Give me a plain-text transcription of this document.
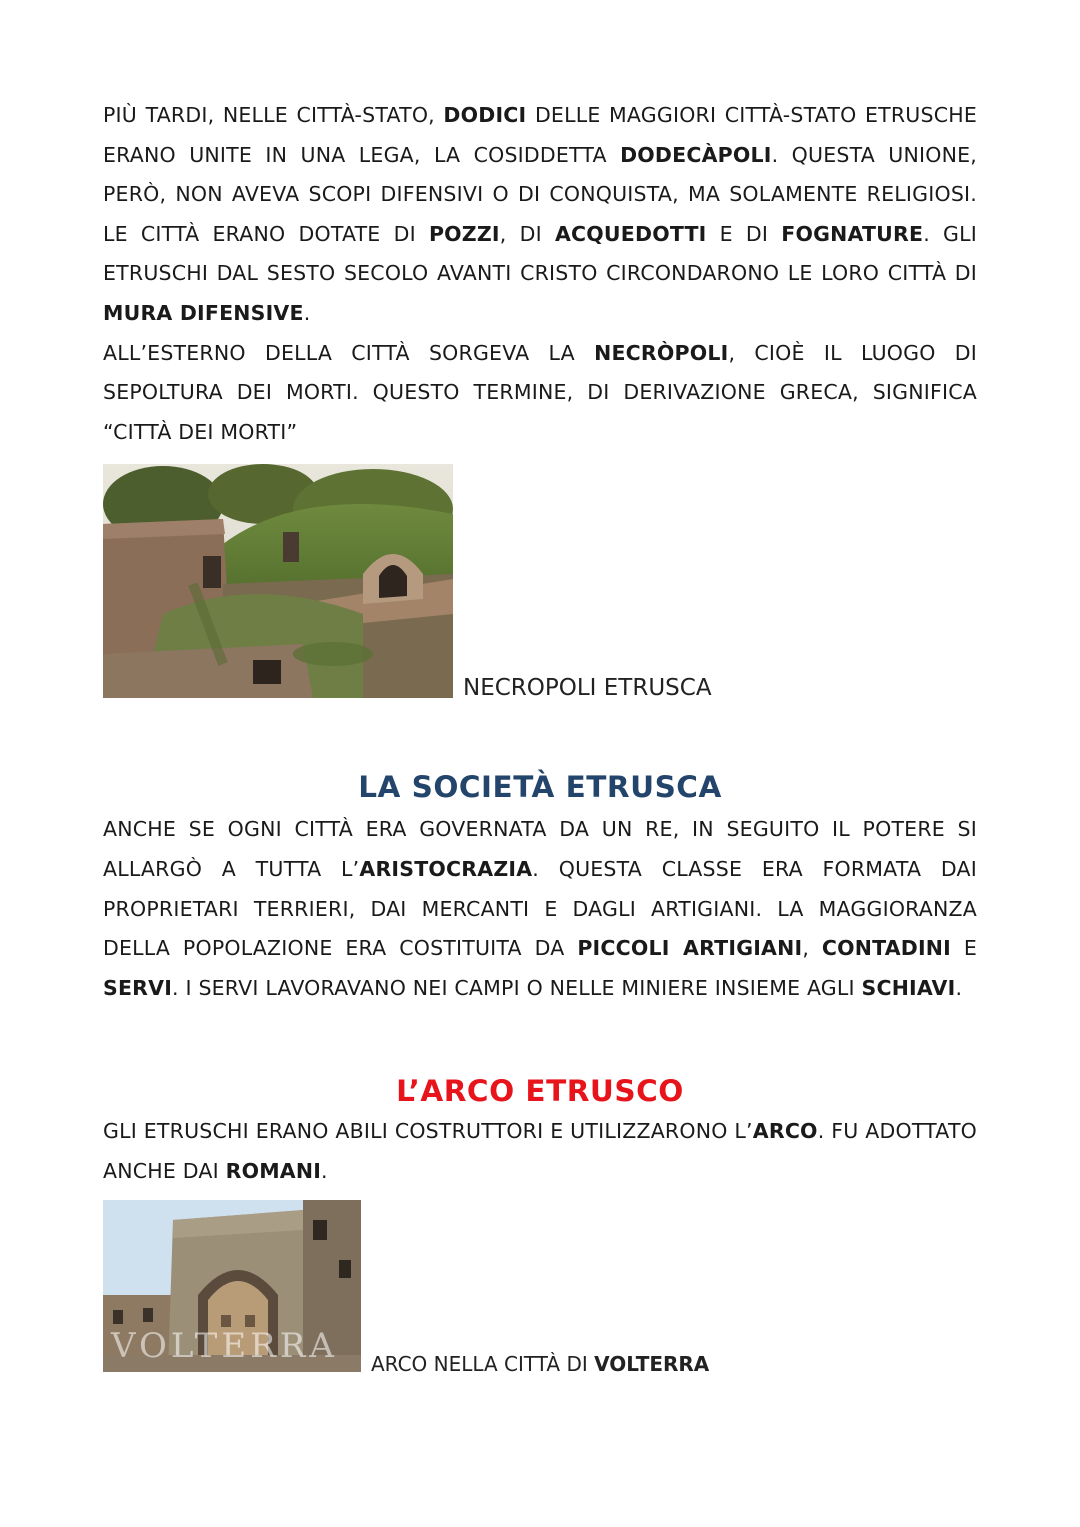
PIÙ TARDI, NELLE CITTÀ-STATO, DODICI DELLE MAGGIORI CITTÀ-STATO ETRUSCHE ERANO UNITE IN UNA LEGA, LA COSIDDETTA DODECÀPOLI. QUESTA UNIONE, PERÒ, NON AVEVA SCOPI DIFENSIVI O DI CONQUISTA, MA SOLAMENTE RELIGIOSI. LE CITTÀ ERANO DOTATE DI POZZI, DI ACQUEDOTTI E DI FOGNATURE. GLI ETRUSCHI DAL SESTO SECOLO AVANTI CRISTO CIRCONDARONO LE LORO CITTÀ DI MURA DIFENSIVE.

ALL’ESTERNO DELLA CITTÀ SORGEVA LA NECRÒPOLI, CIOÈ IL LUOGO DI SEPOLTURA DEI MORTI. QUESTO TERMINE, DI DERIVAZIONE GRECA, SIGNIFICA “CITTÀ DEI MORTI”

NECROPOLI ETRUSCA
LA SOCIETÀ ETRUSCA

ANCHE SE OGNI CITTÀ ERA GOVERNATA DA UN RE, IN SEGUITO IL POTERE SI ALLARGÒ A TUTTA L’ARISTOCRAZIA. QUESTA CLASSE ERA FORMATA DAI PROPRIETARI TERRIERI, DAI MERCANTI E DAGLI ARTIGIANI. LA MAGGIORANZA DELLA POPOLAZIONE ERA COSTITUITA DA PICCOLI ARTIGIANI, CONTADINI E SERVI. I SERVI LAVORAVANO NEI CAMPI O NELLE MINIERE INSIEME AGLI SCHIAVI.

L’ARCO ETRUSCO

GLI ETRUSCHI ERANO ABILI COSTRUTTORI E UTILIZZARONO L’ARCO. FU ADOTTATO ANCHE DAI ROMANI.

VOLTERRA ARCO NELLA CITTÀ DI VOLTERRA
